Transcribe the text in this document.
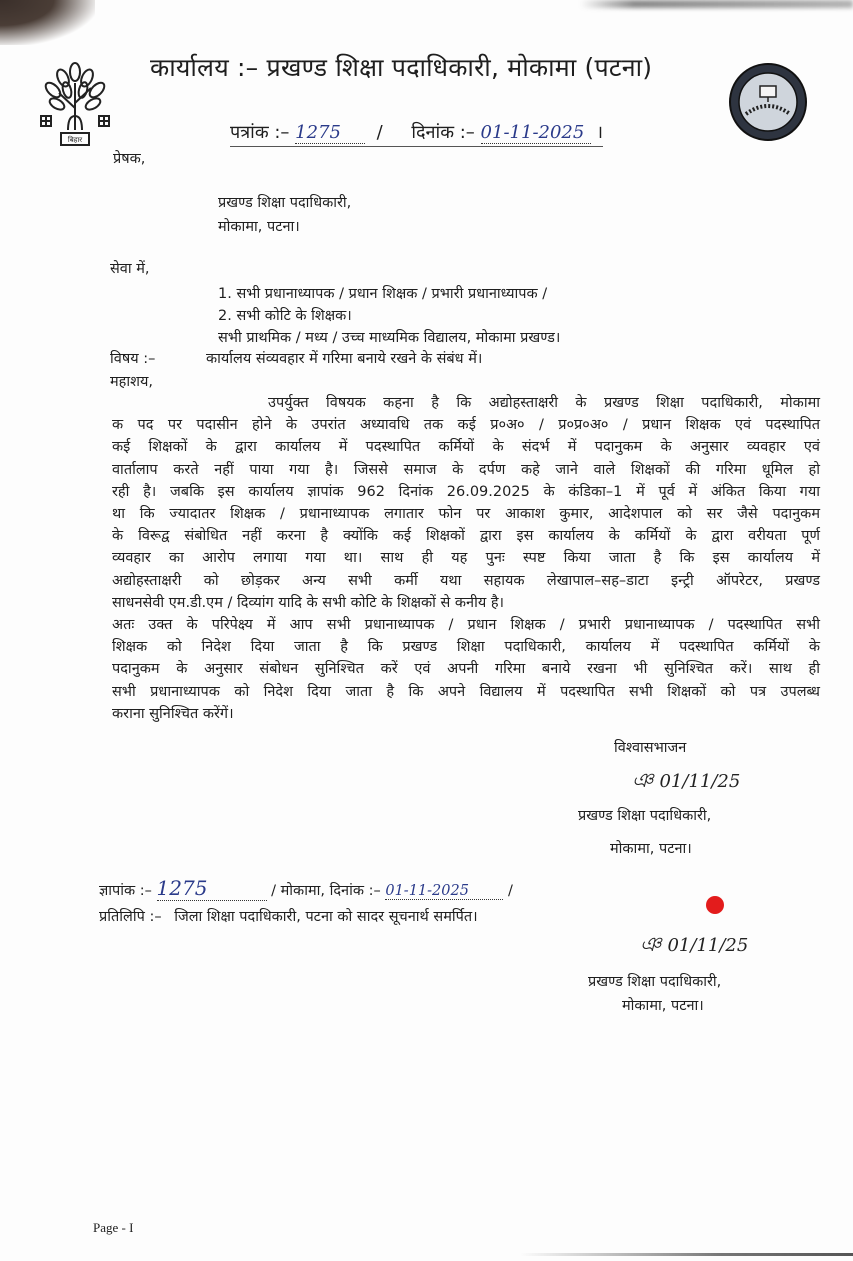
बिहार
कार्यालय :– प्रखण्ड शिक्षा पदाधिकारी, मोकामा (पटना)
पत्रांक :– 1275  /     दिनांक :– 01-11-2025 ।
प्रेषक,
प्रखण्ड शिक्षा पदाधिकारी,
मोकामा, पटना।
सेवा में,
1. सभी प्रधानाध्यापक / प्रधान शिक्षक / प्रभारी प्रधानाध्यापक /
2. सभी कोटि के शिक्षक।
सभी प्राथमिक / मध्य / उच्च माध्यमिक विद्यालय, मोकामा प्रखण्ड।
विषय :–	कार्यालय संव्यवहार में गरिमा बनाये रखने के संबंध में।
महाशय,
उपर्युक्त विषयक कहना है कि अद्योहस्ताक्षरी के प्रखण्ड शिक्षा पदाधिकारी, मोकामा
क पद पर पदासीन होने के उपरांत अध्यावधि तक कई प्र०अ० / प्र०प्र०अ० / प्रधान शिक्षक एवं पदस्थापित
कई शिक्षकों के द्वारा कार्यालय में पदस्थापित कर्मियों के संदर्भ में पदानुकम के अनुसार व्यवहार एवं
वार्तालाप करते नहीं पाया गया है। जिससे समाज के दर्पण कहे जाने वाले शिक्षकों की गरिमा धूमिल हो
रही है। जबकि इस कार्यालय ज्ञापांक 962 दिनांक 26.09.2025 के कंडिका–1 में पूर्व में अंकित किया गया
था कि ज्यादातर शिक्षक / प्रधानाध्यापक लगातार फोन पर आकाश कुमार, आदेशपाल को सर जैसे पदानुकम
के विरूद्व संबोधित नहीं करना है क्योंकि कई शिक्षकों द्वारा इस कार्यालय के कर्मियों के द्वारा वरीयता पूर्ण
व्यवहार का आरोप लगाया गया था। साथ ही यह पुनः स्पष्ट किया जाता है कि इस कार्यालय में
अद्योहस्ताक्षरी को छोड़कर अन्य सभी कर्मी यथा सहायक लेखापाल–सह–डाटा इन्ट्री ऑपरेटर, प्रखण्ड
साधनसेवी एम.डी.एम / दिव्यांग यादि के सभी कोटि के शिक्षकों से कनीय है।
अतः उक्त के परिपेक्ष्य में आप सभी प्रधानाध्यापक / प्रधान शिक्षक / प्रभारी प्रधानाध्यापक / पदस्थापित सभी
शिक्षक को निदेश दिया जाता है कि प्रखण्ड शिक्षा पदाधिकारी, कार्यालय में पदस्थापित कर्मियों के
पदानुकम के अनुसार संबोधन सुनिश्चित करें एवं अपनी गरिमा बनाये रखना भी सुनिश्चित करें। साथ ही
सभी प्रधानाध्यापक को निदेश दिया जाता है कि अपने विद्यालय में पदस्थापित सभी शिक्षकों को पत्र उपलब्ध
कराना सुनिश्चित करेंगें।
विश्वासभाजन
ঞ 01/11/25
प्रखण्ड शिक्षा पदाधिकारी,
मोकामा, पटना।
ज्ञापांक :– 1275	/ मोकामा, दिनांक :– 01-11-2025	/
प्रतिलिपि :– जिला शिक्षा पदाधिकारी, पटना को सादर सूचनार्थ समर्पित।
ঞ 01/11/25
प्रखण्ड शिक्षा पदाधिकारी,
मोकामा, पटना।
Page - I
